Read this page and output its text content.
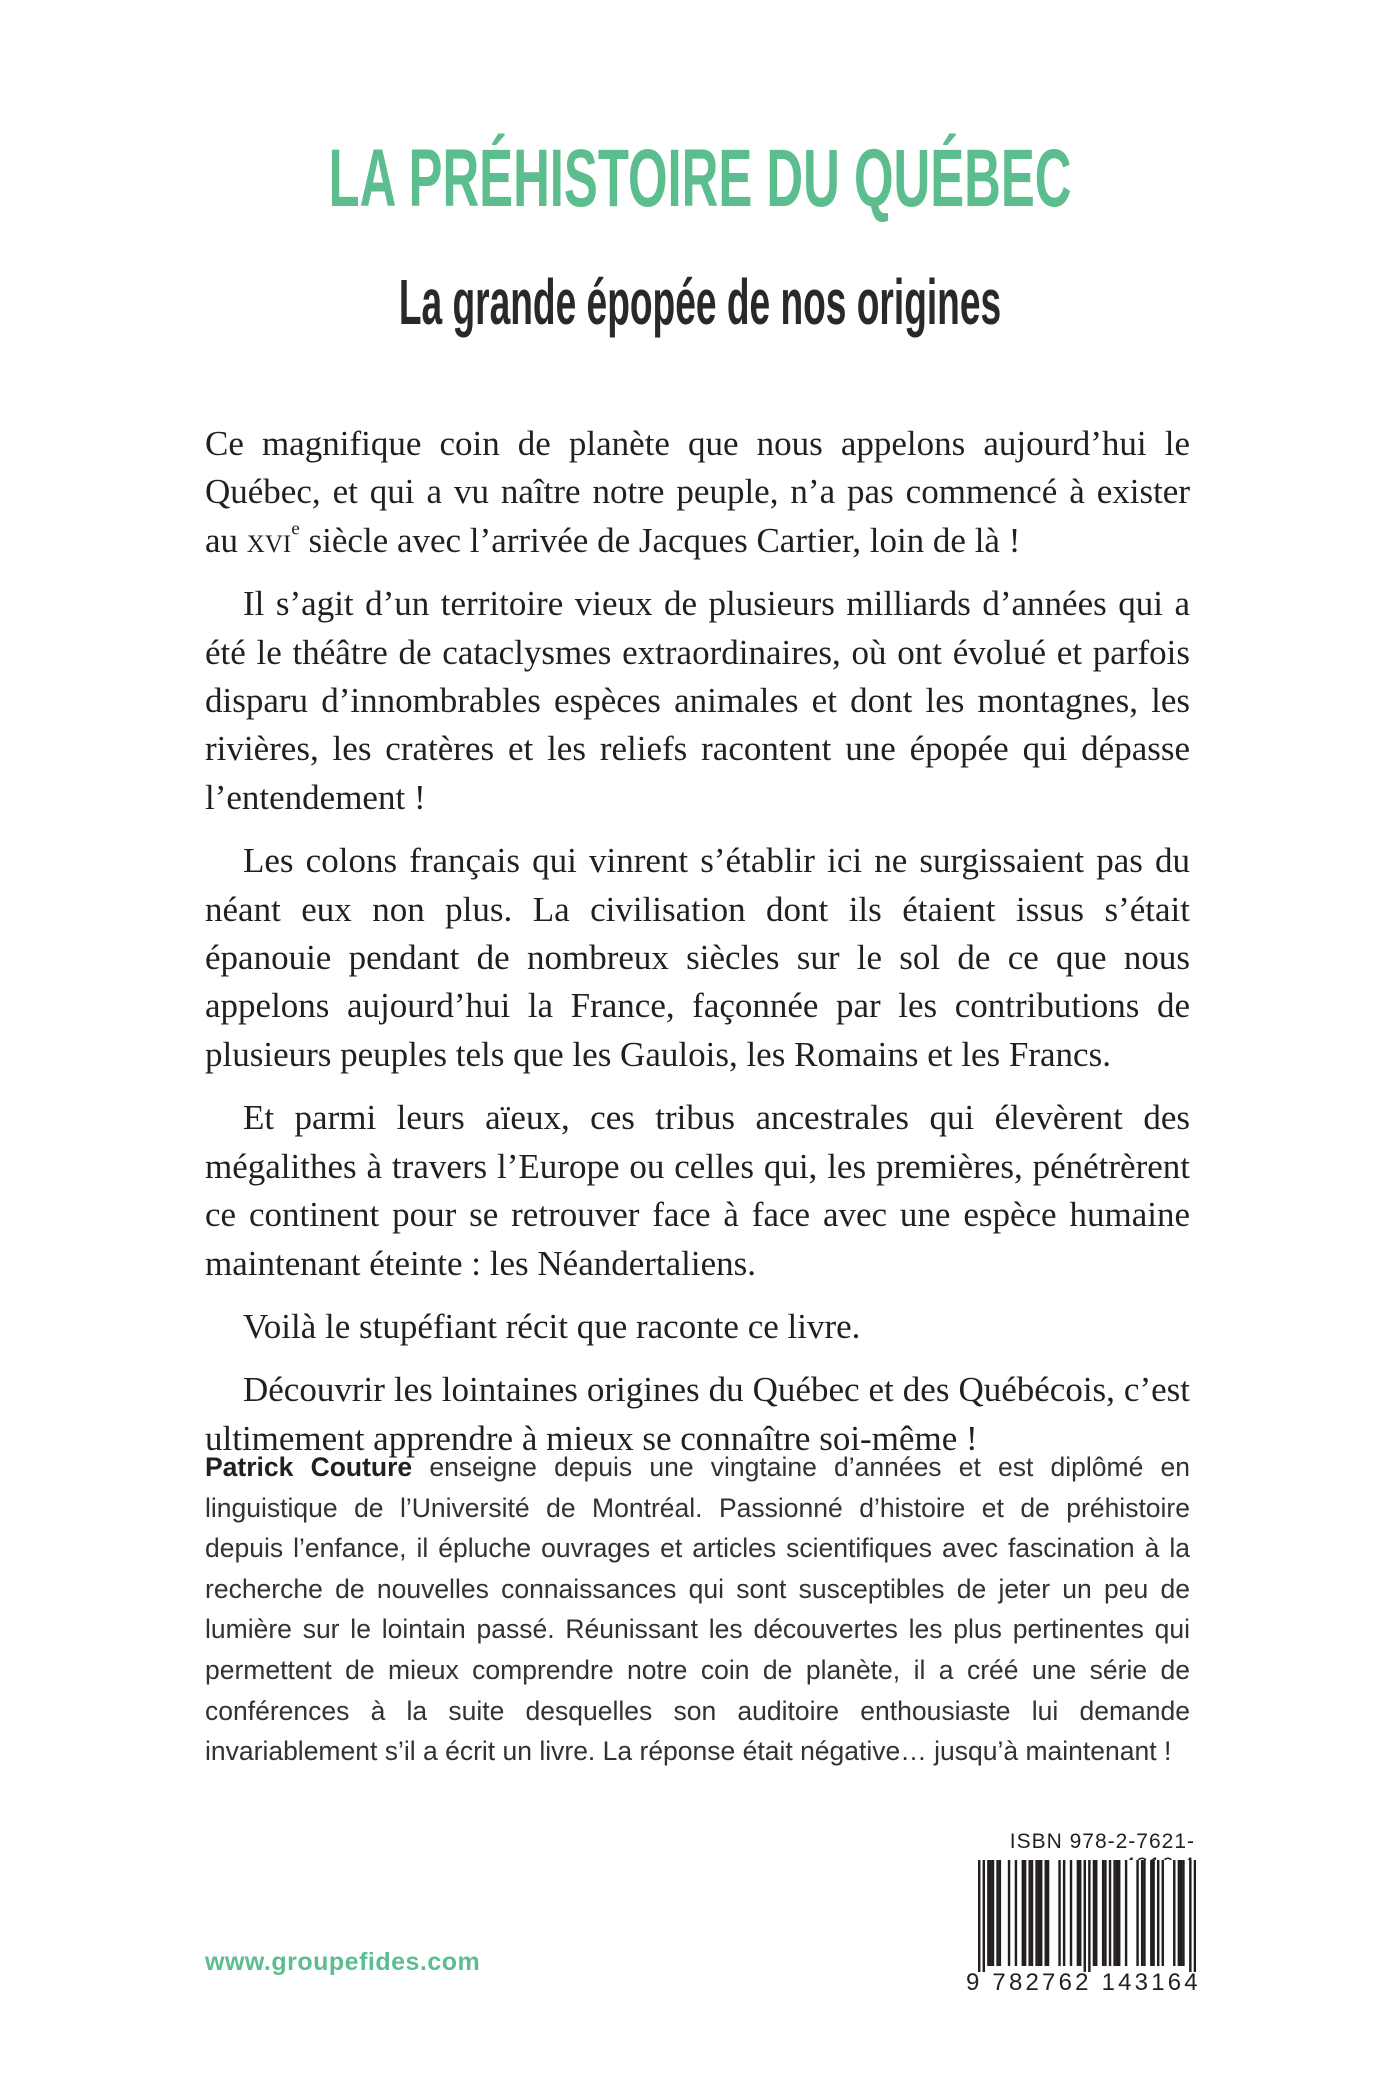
LA PRÉHISTOIRE DU QUÉBEC
La grande épopée de nos origines

Ce magnifique coin de planète que nous appelons aujourd’hui le Québec, et qui a vu naître notre peuple, n’a pas commencé à exister au xvi$^e$ siècle avec l’arrivée de Jacques Cartier, loin de là !

Il s’agit d’un territoire vieux de plusieurs milliards d’années qui a été le théâtre de cataclysmes extraordinaires, où ont évolué et parfois disparu d’innombrables espèces animales et dont les montagnes, les rivières, les cratères et les reliefs racontent une épopée qui dépasse l’entendement !

Les colons français qui vinrent s’établir ici ne surgissaient pas du néant eux non plus. La civilisation dont ils étaient issus s’était épanouie pendant de nombreux siècles sur le sol de ce que nous appelons aujourd’hui la France, façonnée par les contributions de plusieurs peuples tels que les Gaulois, les Romains et les Francs.

Et parmi leurs aïeux, ces tribus ancestrales qui élevèrent des mégalithes à travers l’Europe ou celles qui, les premières, pénétrèrent ce continent pour se retrouver face à face avec une espèce humaine maintenant éteinte : les Néandertaliens.

Voilà le stupéfiant récit que raconte ce livre.

Découvrir les lointaines origines du Québec et des Québécois, c’est ultimement apprendre à mieux se connaître soi-même !

Patrick Couture enseigne depuis une vingtaine d’années et est diplômé en linguistique de l’Université de Montréal. Passionné d’histoire et de préhistoire depuis l’enfance, il épluche ouvrages et articles scientifiques avec fascination à la recherche de nouvelles connaissances qui sont susceptibles de jeter un peu de lumière sur le lointain passé. Réunissant les découvertes les plus pertinentes qui permettent de mieux comprendre notre coin de planète, il a créé une série de conférences à la suite desquelles son auditoire enthousiaste lui demande invariablement s’il a écrit un livre. La réponse était négative… jusqu’à maintenant !
www.groupefides.com
ISBN 978-2-7621-
9 782762 143164
